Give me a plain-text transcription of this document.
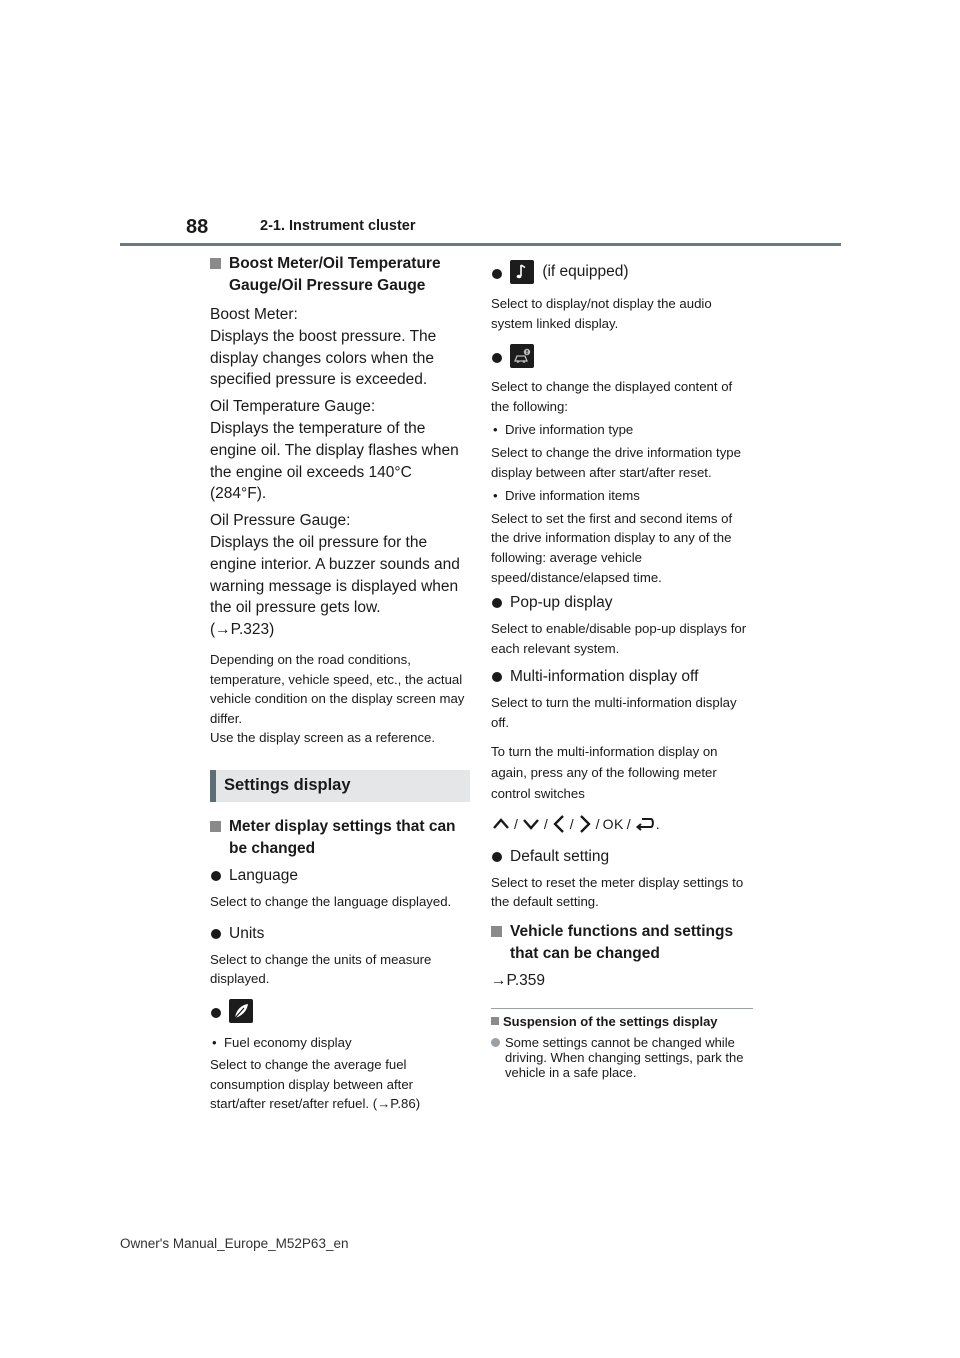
88	2-1. Instrument cluster
Boost Meter/Oil Temperature Gauge/Oil Pressure Gauge
Boost Meter:
Displays the boost pressure. The display changes colors when the specified pressure is exceeded.
Oil Temperature Gauge:
Displays the temperature of the engine oil. The display flashes when the engine oil exceeds 140°C (284°F).
Oil Pressure Gauge:
Displays the oil pressure for the engine interior. A buzzer sounds and warning message is displayed when the oil pressure gets low.
(→P.323)
Depending on the road conditions, temperature, vehicle speed, etc., the actual vehicle condition on the display screen may differ.
Use the display screen as a reference.
Settings display
Meter display settings that can be changed
Language
Select to change the language displayed.
Units
Select to change the units of measure displayed.
• Fuel economy display
Select to change the average fuel consumption display between after start/after reset/after refuel. (→P.86)
(if equipped)
Select to display/not display the audio system linked display.
Select to change the displayed content of the following:
• Drive information type
Select to change the drive information type display between after start/after reset.
• Drive information items
Select to set the first and second items of the drive information display to any of the following: average vehicle speed/distance/elapsed time.
Pop-up display
Select to enable/disable pop-up displays for each relevant system.
Multi-information display off
Select to turn the multi-information display off.
To turn the multi-information display on again, press any of the following meter control switches
/ / / / OK / .
Default setting
Select to reset the meter display settings to the default setting.
Vehicle functions and settings that can be changed
→P.359
Suspension of the settings display
Some settings cannot be changed while driving. When changing settings, park the vehicle in a safe place.
Owner's Manual_Europe_M52P63_en
